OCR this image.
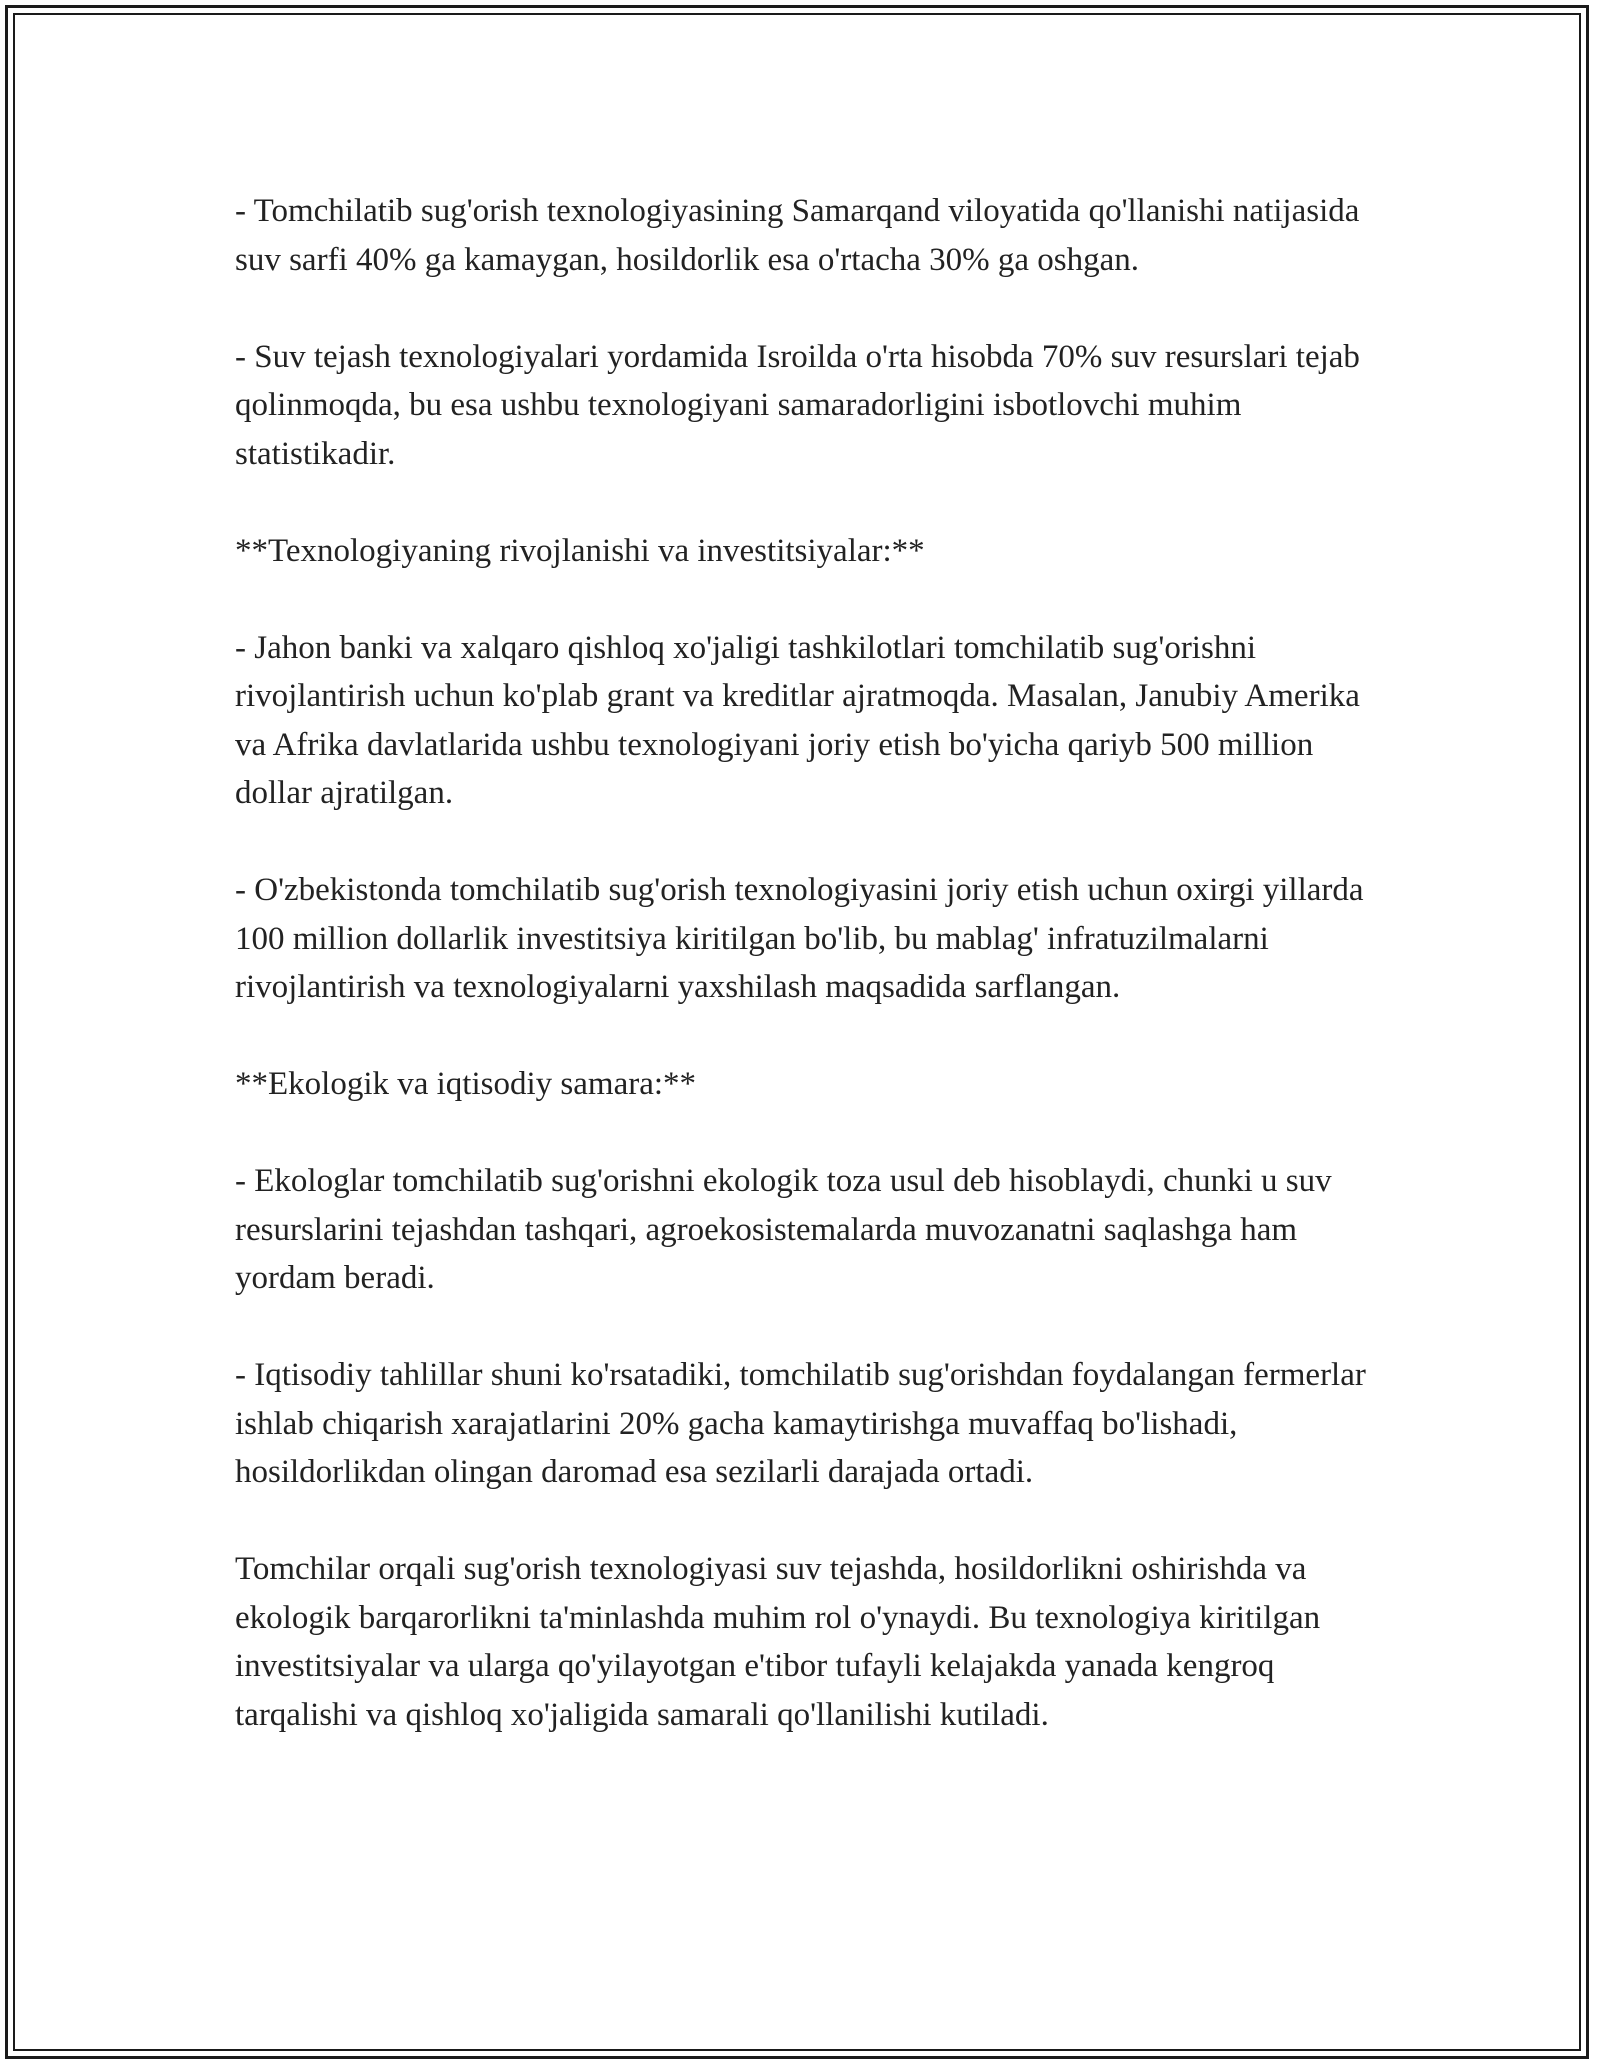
- Tomchilatib sug'orish texnologiyasining Samarqand viloyatida qo'llanishi natijasida suv sarfi 40% ga kamaygan, hosildorlik esa o'rtacha 30% ga oshgan.

- Suv tejash texnologiyalari yordamida Isroilda o'rta hisobda 70% suv resurslari tejab qolinmoqda, bu esa ushbu texnologiyani samaradorligini isbotlovchi muhim statistikadir.

**Texnologiyaning rivojlanishi va investitsiyalar:**

- Jahon banki va xalqaro qishloq xo'jaligi tashkilotlari tomchilatib sug'orishni rivojlantirish uchun ko'plab grant va kreditlar ajratmoqda. Masalan, Janubiy Amerika va Afrika davlatlarida ushbu texnologiyani joriy etish bo'yicha qariyb 500 million dollar ajratilgan.

- O'zbekistonda tomchilatib sug'orish texnologiyasini joriy etish uchun oxirgi yillarda 100 million dollarlik investitsiya kiritilgan bo'lib, bu mablag' infratuzilmalarni rivojlantirish va texnologiyalarni yaxshilash maqsadida sarflangan.

**Ekologik va iqtisodiy samara:**

- Ekologlar tomchilatib sug'orishni ekologik toza usul deb hisoblaydi, chunki u suv resurslarini tejashdan tashqari, agroekosistemalarda muvozanatni saqlashga ham yordam beradi.

- Iqtisodiy tahlillar shuni ko'rsatadiki, tomchilatib sug'orishdan foydalangan fermerlar ishlab chiqarish xarajatlarini 20% gacha kamaytirishga muvaffaq bo'lishadi, hosildorlikdan olingan daromad esa sezilarli darajada ortadi.

Tomchilar orqali sug'orish texnologiyasi suv tejashda, hosildorlikni oshirishda va ekologik barqarorlikni ta'minlashda muhim rol o'ynaydi. Bu texnologiya kiritilgan investitsiyalar va ularga qo'yilayotgan e'tibor tufayli kelajakda yanada kengroq tarqalishi va qishloq xo'jaligida samarali qo'llanilishi kutiladi.
